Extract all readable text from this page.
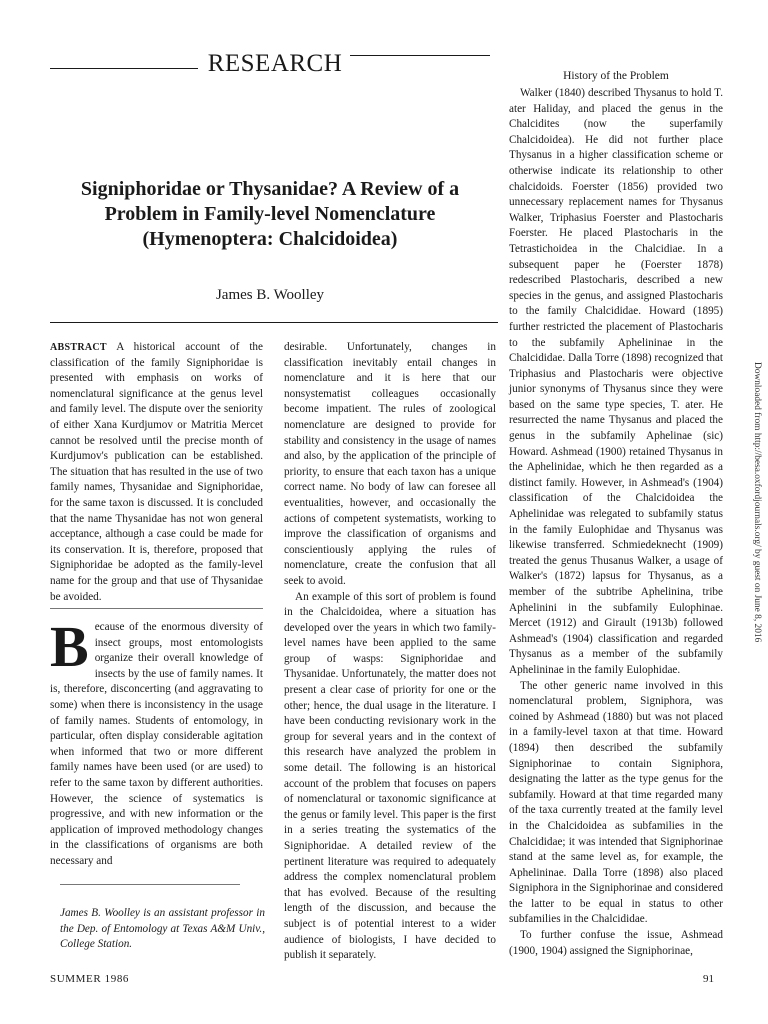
RESEARCH
Signiphoridae or Thysanidae? A Review of a
Problem in Family-level Nomenclature
(Hymenoptera: Chalcidoidea)
James B. Woolley

ABSTRACT A historical account of the classification of the family Signiphoridae is presented with emphasis on works of nomenclatural significance at the genus level and family level. The dispute over the seniority of either Xana Kurdjumov or Matritia Mercet cannot be resolved until the precise month of Kurdjumov's publication can be established. The situation that has resulted in the use of two family names, Thysanidae and Signiphoridae, for the same taxon is discussed. It is concluded that the name Thysanidae has not won general acceptance, although a case could be made for its conservation. It is, therefore, proposed that Signiphoridae be adopted as the family-level name for the group and that use of Thysanidae be avoided.

Because of the enormous diversity of insect groups, most entomologists organize their overall knowledge of insects by the use of family names. It is, therefore, disconcerting (and aggravating to some) when there is inconsistency in the usage of family names. Students of entomology, in particular, often display considerable agitation when informed that two or more different family names have been used (or are used) to refer to the same taxon by different authorities. However, the science of systematics is progressive, and with new information or the application of improved methodology changes in the classifications of organisms are both necessary and

James B. Woolley is an assistant professor in the Dep. of Entomology at Texas A&M Univ., College Station.

desirable. Unfortunately, changes in classification inevitably entail changes in nomenclature and it is here that our nonsystematist colleagues occasionally become impatient. The rules of zoological nomenclature are designed to provide for stability and consistency in the usage of names and also, by the application of the principle of priority, to ensure that each taxon has a unique correct name. No body of law can foresee all eventualities, however, and occasionally the actions of competent systematists, working to improve the classification of organisms and conscientiously applying the rules of nomenclature, create the confusion that all seek to avoid.

An example of this sort of problem is found in the Chalcidoidea, where a situation has developed over the years in which two family-level names have been applied to the same group of wasps: Signiphoridae and Thysanidae. Unfortunately, the matter does not present a clear case of priority for one or the other; hence, the dual usage in the literature. I have been conducting revisionary work in the group for several years and in the context of this research have analyzed the problem in some detail. The following is an historical account of the problem that focuses on papers of nomenclatural or taxonomic significance at the genus or family level. This paper is the first in a series treating the systematics of the Signiphoridae. A detailed review of the pertinent literature was required to adequately address the complex nomenclatural problem that has evolved. Because of the resulting length of the discussion, and because the subject is of potential interest to a wider audience of biologists, I have decided to publish it separately.

History of the Problem

Walker (1840) described Thysanus to hold T. ater Haliday, and placed the genus in the Chalcidites (now the superfamily Chalcidoidea). He did not further place Thysanus in a higher classification scheme or otherwise indicate its relationship to other chalcidoids. Foerster (1856) provided two unnecessary replacement names for Thysanus Walker, Triphasius Foerster and Plastocharis Foerster. He placed Plastocharis in the Tetrastichoidea in the Chalcidiae. In a subsequent paper he (Foerster 1878) redescribed Plastocharis, described a new species in the genus, and assigned Plastocharis to the family Chalcididae. Howard (1895) further restricted the placement of Plastocharis to the subfamily Aphelininae in the Chalcididae. Dalla Torre (1898) recognized that Triphasius and Plastocharis were objective junior synonyms of Thysanus since they were based on the same type species, T. ater. He resurrected the name Thysanus and placed the genus in the subfamily Aphelinae (sic) Howard. Ashmead (1900) retained Thysanus in the Aphelinidae, which he then regarded as a distinct family. However, in Ashmead's (1904) classification of the Chalcidoidea the Aphelinidae was relegated to subfamily status in the family Eulophidae and Thysanus was likewise transferred. Schmiedeknecht (1909) treated the genus Thusanus Walker, a usage of Walker's (1872) lapsus for Thysanus, as a member of the subtribe Aphelinina, tribe Aphelinini in the subfamily Eulophinae. Mercet (1912) and Girault (1913b) followed Ashmead's (1904) classification and regarded Thysanus as a member of the subfamily Aphelininae in the family Eulophidae.

The other generic name involved in this nomenclatural problem, Signiphora, was coined by Ashmead (1880) but was not placed in a family-level taxon at that time. Howard (1894) then described the subfamily Signiphorinae to contain Signiphora, designating the latter as the type genus for the subfamily. Howard at that time regarded many of the taxa currently treated at the family level in the Chalcidoidea as subfamilies in the Chalcididae; it was intended that Signiphorinae stand at the same level as, for example, the Aphelininae. Dalla Torre (1898) also placed Signiphora in the Signiphorinae and considered the latter to be equal in status to other subfamilies in the Chalcididae.

To further confuse the issue, Ashmead (1900, 1904) assigned the Signiphorinae,

SUMMER 1986	91
Downloaded from http://besa.oxfordjournals.org/ by guest on June 8, 2016
